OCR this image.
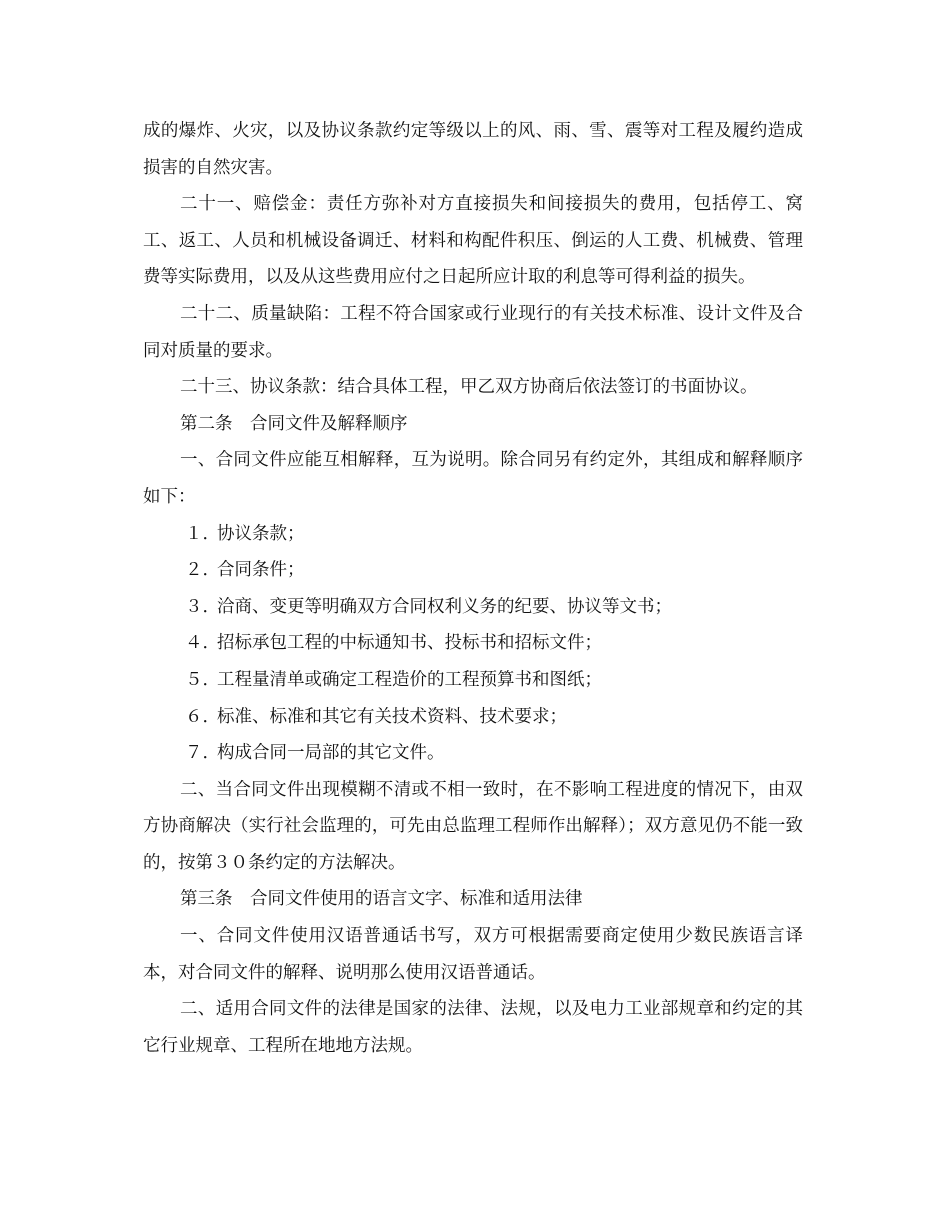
成的爆炸、火灾，以及协议条款约定等级以上的风、雨、雪、震等对工程及履约造成损害的自然灾害。

二十一、赔偿金：责任方弥补对方直接损失和间接损失的费用，包括停工、窝工、返工、人员和机械设备调迁、材料和构配件积压、倒运的人工费、机械费、管理费等实际费用，以及从这些费用应付之日起所应计取的利息等可得利益的损失。

二十二、质量缺陷：工程不符合国家或行业现行的有关技术标准、设计文件及合同对质量的要求。

二十三、协议条款：结合具体工程，甲乙双方协商后依法签订的书面协议。

第二条　合同文件及解释顺序

一、合同文件应能互相解释，互为说明。除合同另有约定外，其组成和解释顺序如下：

１．协议条款；

２．合同条件；

３．洽商、变更等明确双方合同权利义务的纪要、协议等文书；

４．招标承包工程的中标通知书、投标书和招标文件；

５．工程量清单或确定工程造价的工程预算书和图纸；

６．标准、标准和其它有关技术资料、技术要求；

７．构成合同一局部的其它文件。

二、当合同文件出现模糊不清或不相一致时，在不影响工程进度的情况下，由双方协商解决（实行社会监理的，可先由总监理工程师作出解释）；双方意见仍不能一致的，按第３０条约定的方法解决。

第三条　合同文件使用的语言文字、标准和适用法律

一、合同文件使用汉语普通话书写，双方可根据需要商定使用少数民族语言译本，对合同文件的解释、说明那么使用汉语普通话。

二、适用合同文件的法律是国家的法律、法规，以及电力工业部规章和约定的其它行业规章、工程所在地地方法规。
